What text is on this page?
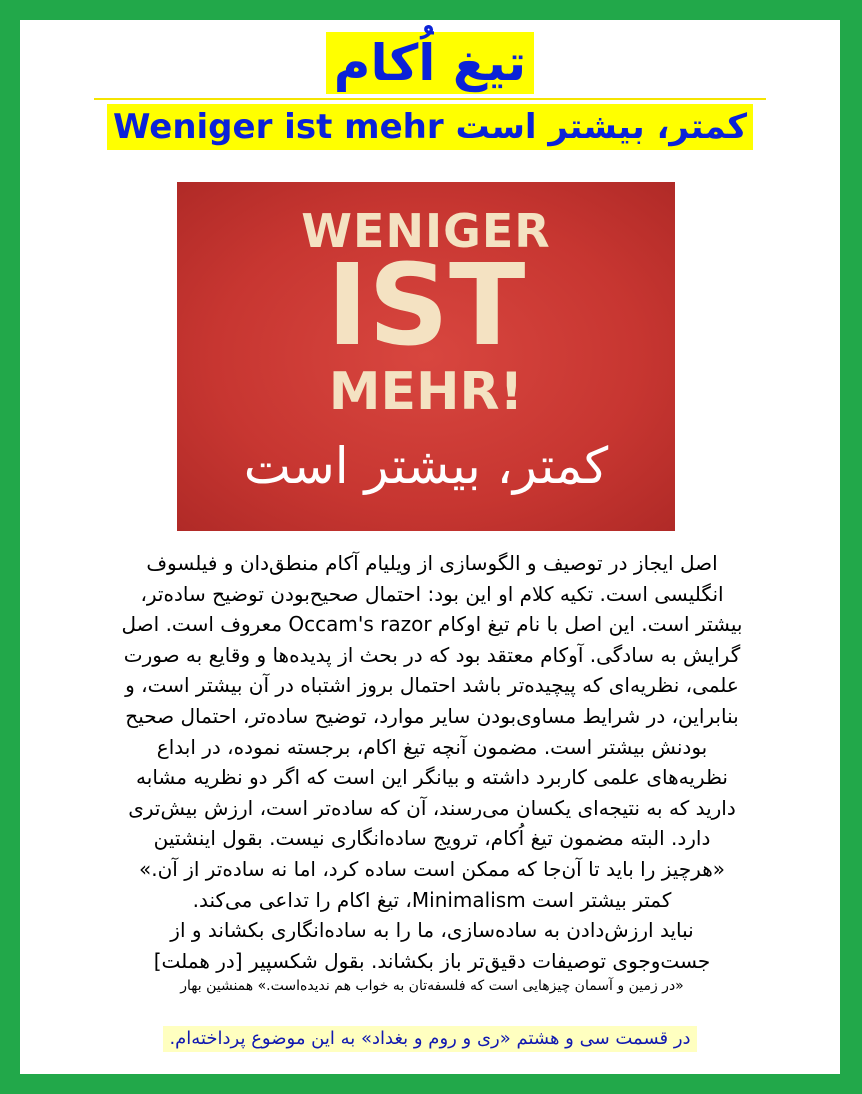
تیغ اُکام
Weniger ist mehr کمتر، بیشتر است
WENIGER
IST
MEHR!
کمتر، بیشتر است

اصل ایجاز در توصیف و الگوسازی از ویلیام آکام منطق‌دان و فیلسوف

انگلیسی است. تکیه کلام او این بود: احتمال صحیح‌بودن توضیح ساده‌تر،

بیشتر است. این اصل با نام تیغ اوکام Occam's razor معروف است. اصل

گرایش به سادگی. آوکام معتقد بود که در بحث از پدیده‌ها و وقایع به صورت

علمی، نظریه‌ای که پیچیده‌تر باشد احتمال بروز اشتباه در آن بیشتر است، و

بنابراین، در شرایط مساوی‌بودن سایر موارد، توضیح ساده‌تر، احتمال صحیح

بودنش بیشتر است. مضمون آنچه تیغ اکام، برجسته نموده، در ابداع

نظریه‌های علمی کاربرد داشته و بیانگر این است که اگر دو نظریه مشابه

دارید که به نتیجه‌ای یکسان می‌رسند، آن که ساده‌تر است، ارزش بیش‌تری

دارد. البته مضمون تیغ اُکام، ترویج ساده‌انگاری نیست. بقول اینشتین

«هرچیز را باید تا آن‌جا که ممکن است ساده کرد، اما نه ساده‌تر از آن.»

کمتر بیشتر است Minimalism، تیغ اکام را تداعی می‌کند.

نباید ارزش‌دادن به ساده‌سازی، ما را به ساده‌انگاری بکشاند و از

جست‌وجوی توصیفات دقیق‌تر باز بکشاند. بقول شکسپیر [در هملت]

«در زمین و آسمان چیزهایی است که فلسفه‌تان به خواب هم ندیده‌است.» همنشین بهار

در قسمت سی و هشتم «ری و روم و بغداد» به این موضوع پرداخته‌ام.
